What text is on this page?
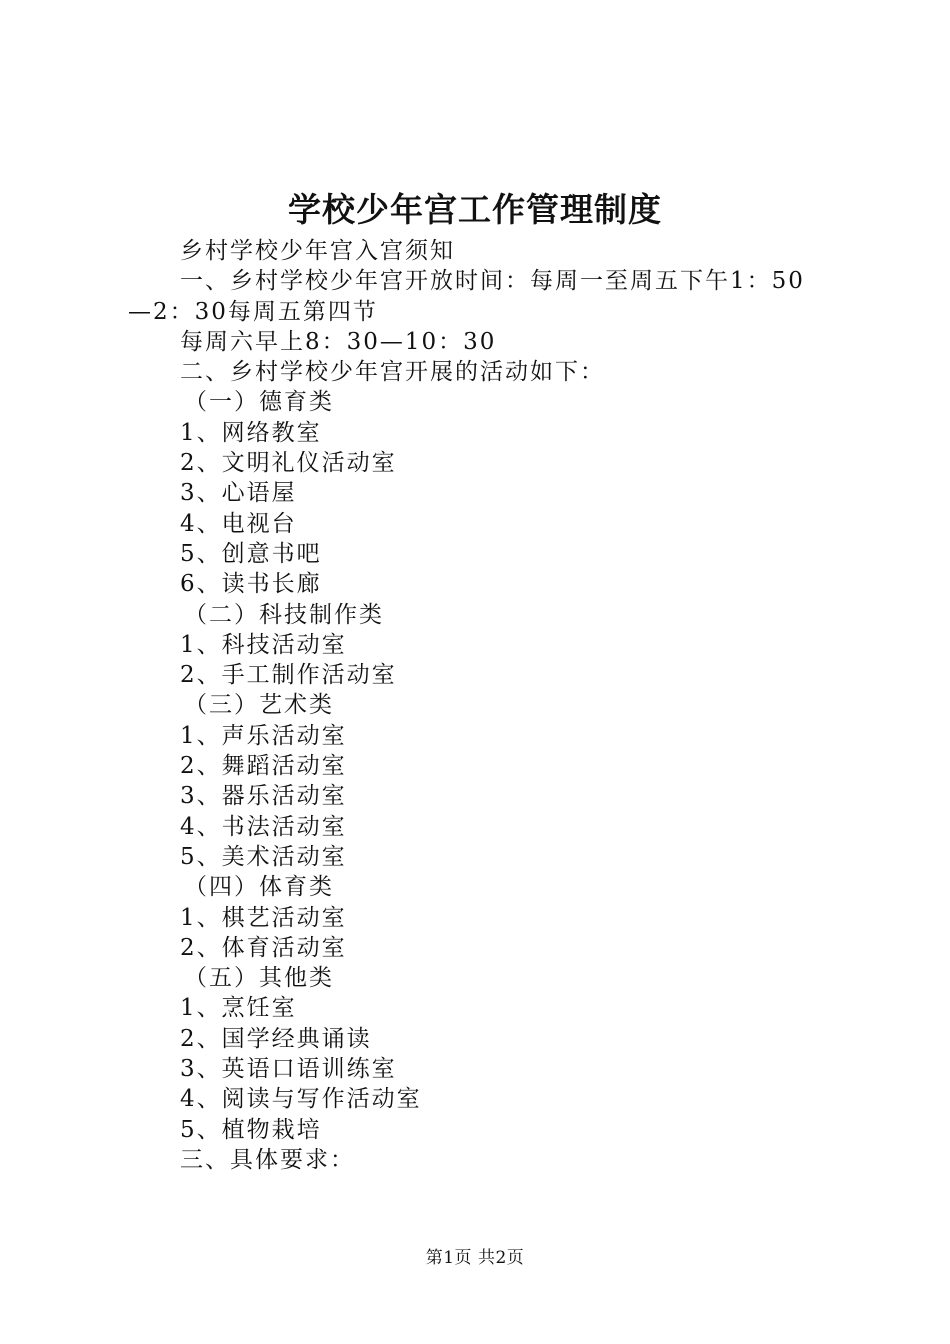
学校少年宫工作管理制度
乡村学校少年宫入宫须知
一、乡村学校少年宫开放时间：每周一至周五下午1：50
—2：30每周五第四节
每周六早上8：30—10：30
二、乡村学校少年宫开展的活动如下：
（一）德育类
1、网络教室
2、文明礼仪活动室
3、心语屋
4、电视台
5、创意书吧
6、读书长廊
（二）科技制作类
1、科技活动室
2、手工制作活动室
（三）艺术类
1、声乐活动室
2、舞蹈活动室
3、器乐活动室
4、书法活动室
5、美术活动室
（四）体育类
1、棋艺活动室
2、体育活动室
（五）其他类
1、烹饪室
2、国学经典诵读
3、英语口语训练室
4、阅读与写作活动室
5、植物栽培
三、具体要求：
第1页 共2页
